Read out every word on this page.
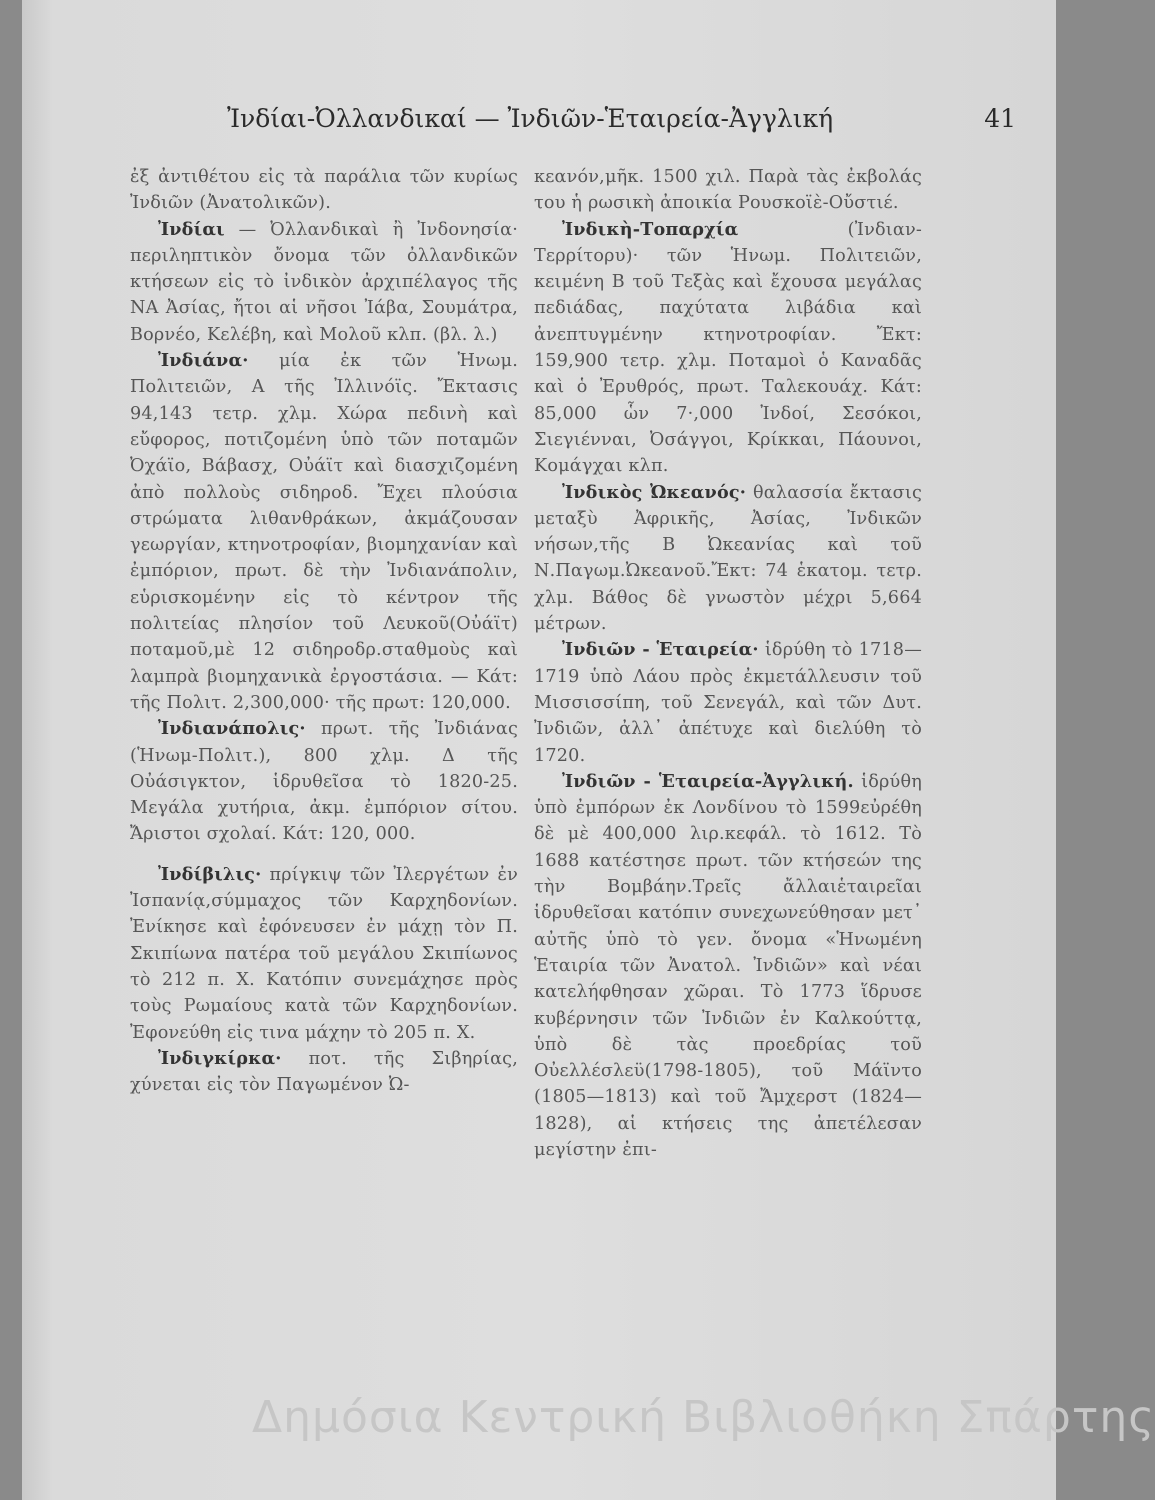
Ἰνδίαι-Ὀλλανδικαί — Ἰνδιῶν-Ἑταιρεία-Ἀγγλική	41

ἐξ ἀντιθέτου εἰς τὰ παράλια τῶν κυρίως Ἰνδιῶν (Ἀνατολικῶν).

Ἰνδίαι — Ὀλλανδικαὶ ἢ Ἰνδονησία· περιληπτικὸν ὄνομα τῶν ὀλλανδικῶν κτήσεων εἰς τὸ ἰνδικὸν ἀρχιπέλαγος τῆς ΝΑ Ἀσίας, ἤτοι αἱ νῆσοι Ἰάβα, Σουμάτρα, Βορνέο, Κελέβη, καὶ Μολοῦ κλπ. (βλ. λ.)

Ἰνδιάνα· μία ἐκ τῶν Ἡνωμ. Πολιτειῶν, Α τῆς Ἰλλινόϊς. Ἔκτασις 94,143 τετρ. χλμ. Χώρα πεδινὴ καὶ εὔφορος, ποτιζομένη ὑπὸ τῶν ποταμῶν Ὀχάϊο, Βάβασχ, Οὐάϊτ καὶ διασχιζομένη ἀπὸ πολλοὺς σιδηροδ. Ἔχει πλούσια στρώματα λιθανθράκων, ἀκμάζουσαν γεωργίαν, κτηνοτροφίαν, βιομηχανίαν καὶ ἐμπόριον, πρωτ. δὲ τὴν Ἰνδιανάπολιν, εὑρισκομένην εἰς τὸ κέντρον τῆς πολιτείας πλησίον τοῦ Λευκοῦ(Οὐάϊτ) ποταμοῦ,μὲ 12 σιδηροδρ.σταθμοὺς καὶ λαμπρὰ βιομηχανικὰ ἐργοστάσια. — Κάτ: τῆς Πολιτ. 2,300,000· τῆς πρωτ: 120,000.

Ἰνδιανάπολις· πρωτ. τῆς Ἰνδιάνας (Ἡνωμ-Πολιτ.), 800 χλμ. Δ τῆς Οὐάσιγκτον, ἱδρυθεῖσα τὸ 1820-25. Μεγάλα χυτήρια, ἀκμ. ἐμπόριον σίτου. Ἄριστοι σχολαί. Κάτ: 120, 000.

Ἰνδίβιλις· πρίγκιψ τῶν Ἰλεργέτων ἐν Ἰσπανίᾳ,σύμμαχος τῶν Καρχηδονίων. Ἐνίκησε καὶ ἐφόνευσεν ἐν μάχῃ τὸν Π. Σκιπίωνα πατέρα τοῦ μεγάλου Σκιπίωνος τὸ 212 π. Χ. Κατόπιν συνεμάχησε πρὸς τοὺς Ρωμαίους κατὰ τῶν Καρχηδονίων. Ἐφονεύθη εἰς τινα μάχην τὸ 205 π. Χ.

Ἰνδιγκίρκα· ποτ. τῆς Σιβηρίας, χύνεται εἰς τὸν Παγωμένον Ὠ-

κεανόν,μῆκ. 1500 χιλ. Παρὰ τὰς ἐκβολάς του ἡ ρωσικὴ ἀποικία Ρουσκοϊὲ-Οὔστιέ.

Ἰνδικὴ-Τοπαρχία	(Ἰνδιαν-Τερρίτορυ)· τῶν Ἡνωμ. Πολιτειῶν, κειμένη Β τοῦ Τεξὰς καὶ ἔχουσα μεγάλας πεδιάδας, παχύτατα λιβάδια καὶ ἀνεπτυγμένην κτηνοτροφίαν. Ἔκτ: 159,900 τετρ. χλμ. Ποταμοὶ ὁ Καναδᾶς καὶ ὁ Ἐρυθρός, πρωτ. Ταλεκουάχ. Κάτ: 85,000 ὧν 7·,000 Ἰνδοί, Σεσόκοι, Σιεγιένναι, Ὀσάγγοι, Κρίκκαι, Πάουνοι, Κομάγχαι κλπ.

Ἰνδικὸς Ὠκεανός· θαλασσία ἔκτασις μεταξὺ Ἀφρικῆς, Ἀσίας, Ἰνδικῶν νήσων,τῆς Β Ὠκεανίας καὶ τοῦ Ν.Παγωμ.Ὠκεανοῦ.Ἔκτ: 74 ἑκατομ. τετρ. χλμ. Βάθος δὲ γνωστὸν μέχρι 5,664 μέτρων.

Ἰνδιῶν - Ἑταιρεία· ἱδρύθη τὸ 1718—1719 ὑπὸ Λάου πρὸς ἐκμετάλλευσιν τοῦ Μισσισσίπη, τοῦ Σενεγάλ, καὶ τῶν Δυτ. Ἰνδιῶν, ἀλλ᾽ ἀπέτυχε καὶ διελύθη τὸ 1720.

Ἰνδιῶν - Ἑταιρεία-Ἀγγλική. ἱδρύθη ὑπὸ ἐμπόρων ἐκ Λονδίνου τὸ 1599εὐρέθη δὲ μὲ 400,000 λιρ.κεφάλ. τὸ 1612. Τὸ 1688 κατέστησε πρωτ. τῶν κτήσεών της τὴν Βομβάην.Τρεῖς ἄλλαιἑταιρεῖαι ἱδρυθεῖσαι κατόπιν συνεχωνεύθησαν μετ᾽ αὐτῆς ὑπὸ τὸ γεν. ὄνομα «Ἡνωμένη Ἑταιρία τῶν Ἀνατολ. Ἰνδιῶν» καὶ νέαι κατελήφθησαν χῶραι. Τὸ 1773 ἵδρυσε κυβέρνησιν τῶν Ἰνδιῶν ἐν Καλκούττᾳ, ὑπὸ δὲ τὰς προεδρίας τοῦ Οὐελλέσλεϋ(1798-1805), τοῦ Μάϊντο (1805—1813) καὶ τοῦ Ἄμχερστ (1824—1828), αἱ κτήσεις της ἀπετέλεσαν μεγίστην ἐπι-

Δημόσια Κεντρική Βιβλιοθήκη Σπάρτης
